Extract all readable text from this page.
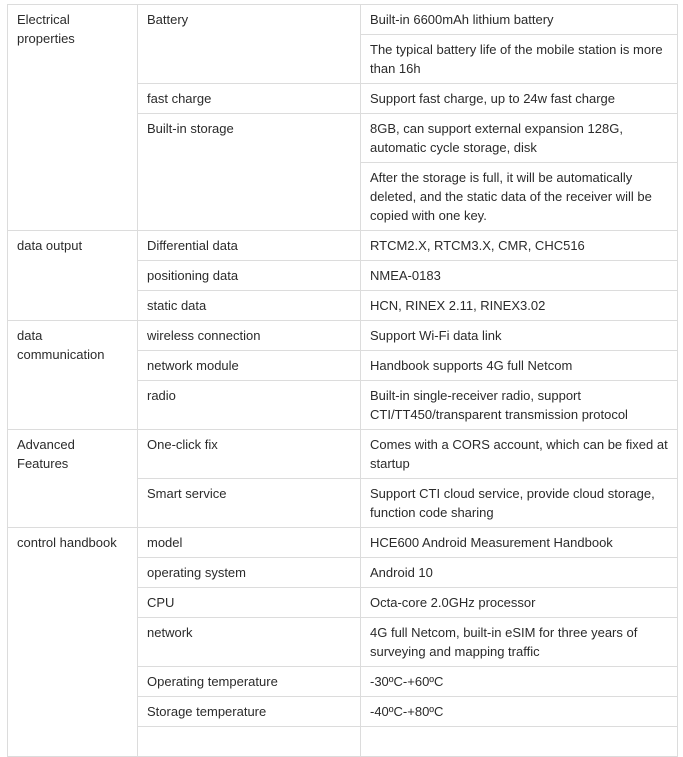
Electrical properties	Battery	Built-in 6600mAh lithium battery
		The typical battery life of the mobile station is more than 16h
	fast charge	Support fast charge, up to 24w fast charge
	Built-in storage	8GB, can support external expansion 128G, automatic cycle storage, disk
		After the storage is full, it will be automatically deleted, and the static data of the receiver will be copied with one key.
data output	Differential data	RTCM2.X, RTCM3.X, CMR, CHC516
	positioning data	NMEA-0183
	static data	HCN, RINEX 2.11, RINEX3.02
data communication	wireless connection	Support Wi-Fi data link
	network module	Handbook supports 4G full Netcom
	radio	Built-in single-receiver radio, support CTI/TT450/transparent transmission protocol
Advanced Features	One-click fix	Comes with a CORS account, which can be fixed at startup
	Smart service	Support CTI cloud service, provide cloud storage, function code sharing
control handbook	model	HCE600 Android Measurement Handbook
	operating system	Android 10
	CPU	Octa-core 2.0GHz processor
	network	4G full Netcom, built-in eSIM for three years of surveying and mapping traffic
	Operating temperature	-30ºC-+60ºC
	Storage temperature	-40ºC-+80ºC
